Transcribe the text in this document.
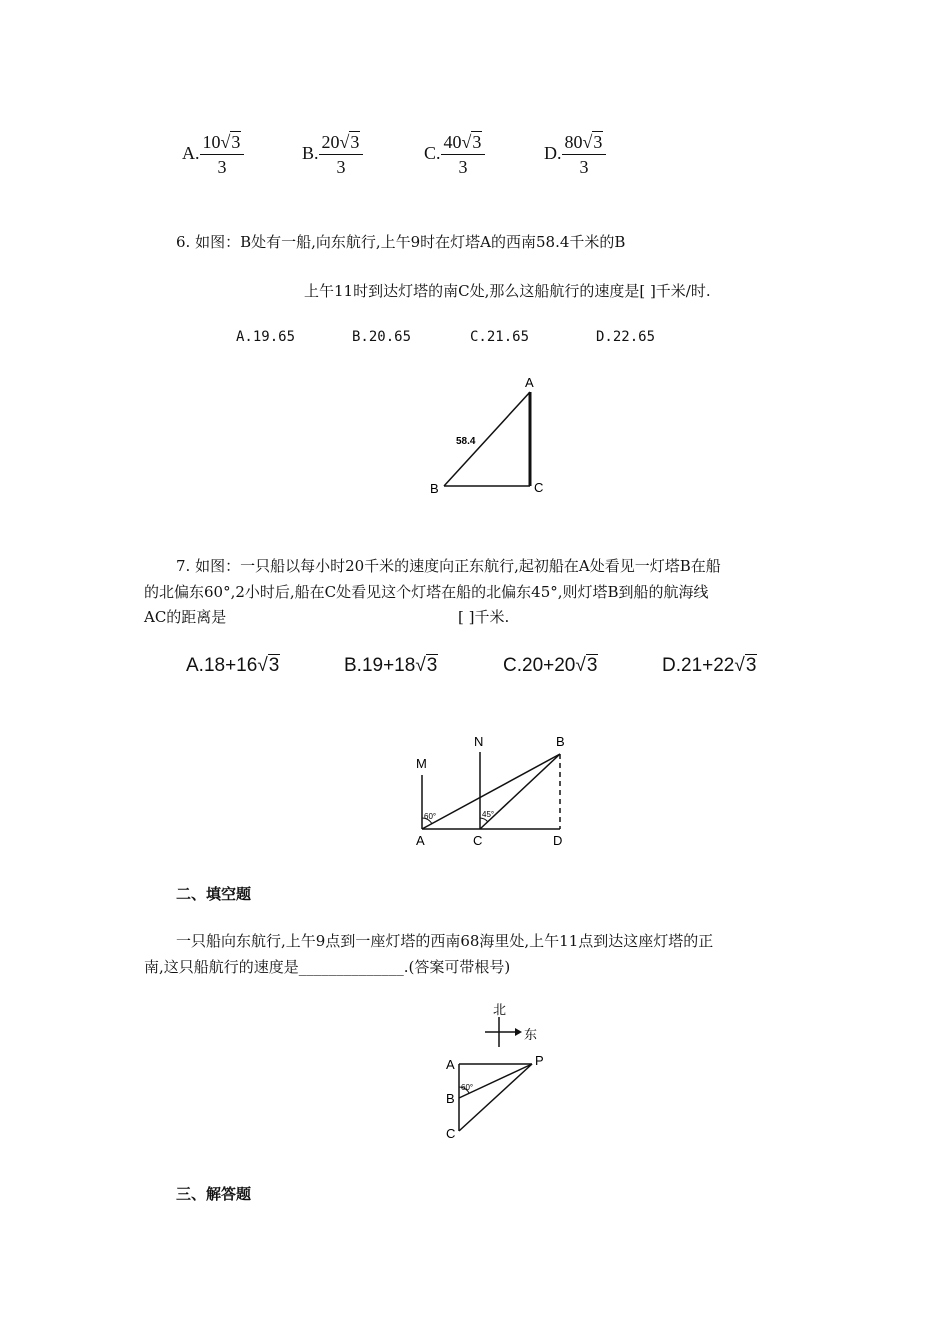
A. $\frac{10√3}{3}$	B. $\frac{20√3}{3}$	C. $\frac{40√3}{3}$	D. $\frac{80√3}{3}$
6. 如图：B处有一船,向东航行,上午9时在灯塔A的西南58.4千米的B
上午11时到达灯塔的南C处,那么这船航行的速度是[ ]千米/时.
A.19.65	B.20.65	C.21.65	D.22.65
A
B	C
58.4
7. 如图：一只船以每小时20千米的速度向正东航行,起初船在A处看见一灯塔B在船
的北偏东60°,2小时后,船在C处看见这个灯塔在船的北偏东45°,则灯塔B到船的航海线
AC的距离是	[ ]千米.
A.18+16√3	B.19+18√3	C.20+20√3	D.21+22√3
M
N	B
A	C	D
60°	45°
二、填空题
一只船向东航行,上午9点到一座灯塔的西南68海里处,上午11点到达这座灯塔的正
南,这只船航行的速度是______________.(答案可带根号)
北
东
A
B
C
P
60°
三、解答题
